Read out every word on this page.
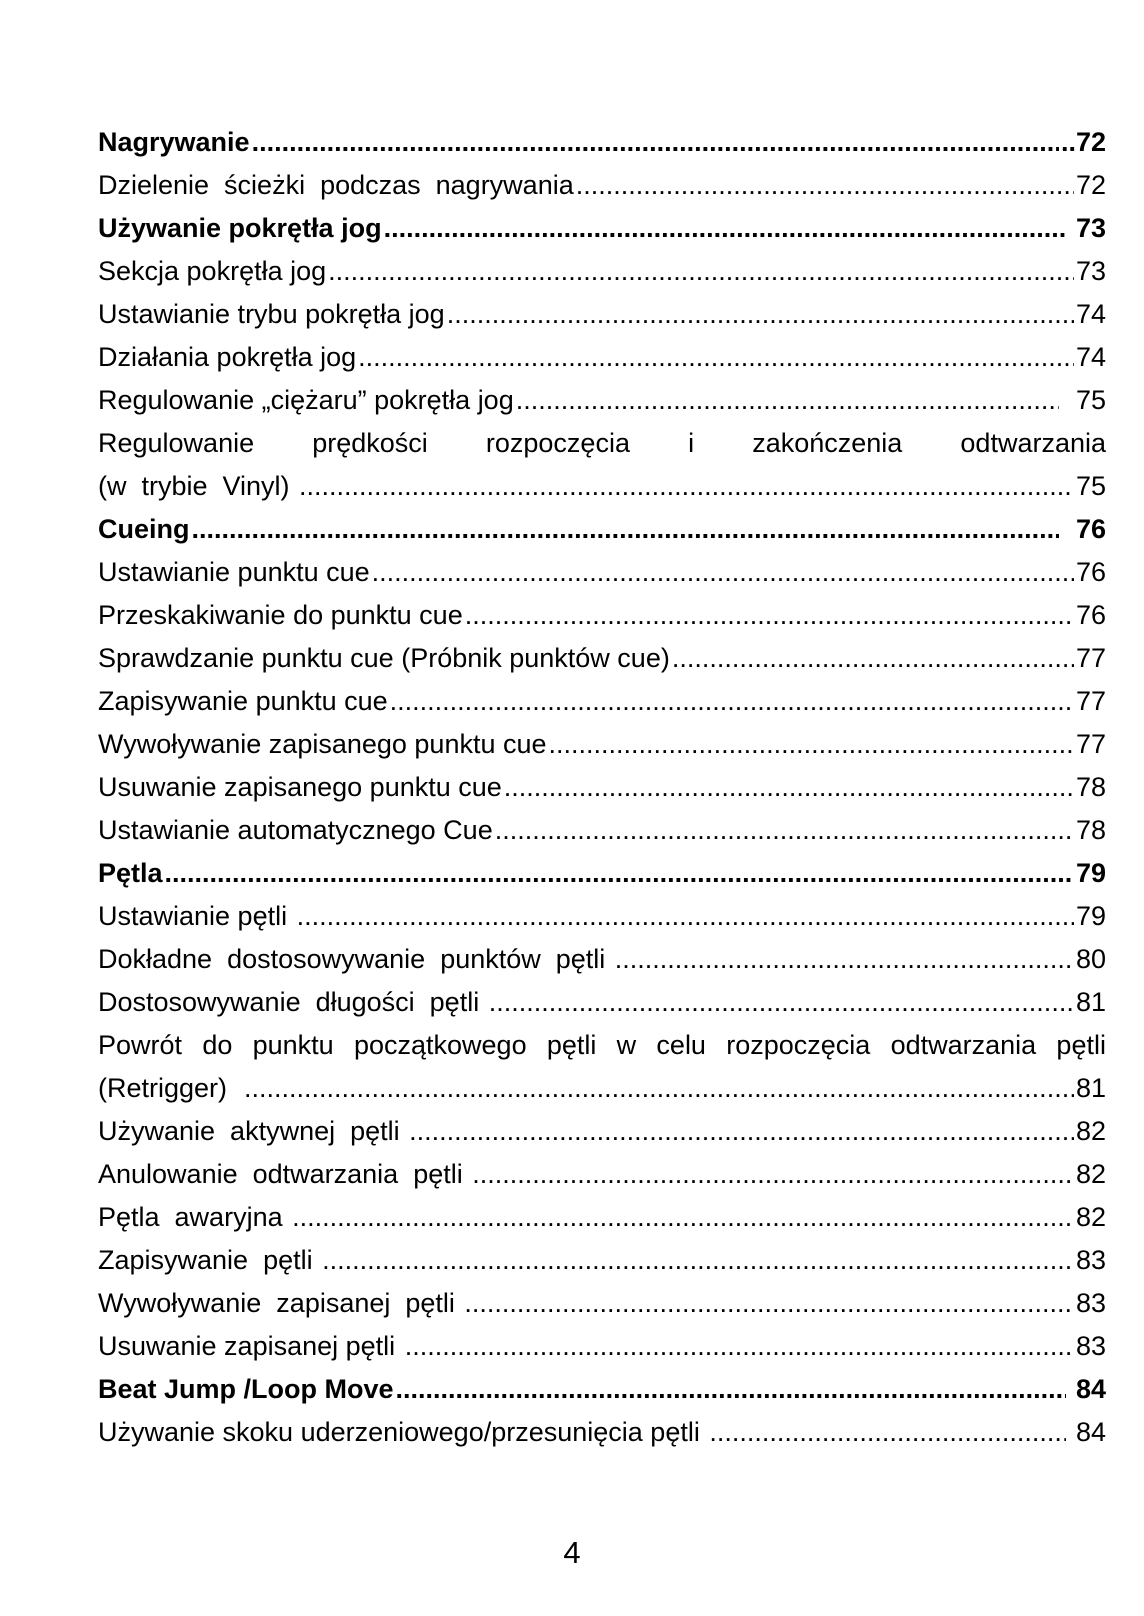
Nagrywanie .....	..72
Dzielenie  ścieżki  podczas  nagrywania .....	72
Używanie pokrętła jog .....	73
Sekcja pokrętła jog .....	73
Ustawianie trybu pokrętła jog .....	74
Działania pokrętła jog .....	74
Regulowanie „ciężaru” pokrętła jog .....	75
Regulowanie prędkości rozpoczęcia i zakończenia odtwarzania
(w  trybie  Vinyl) .....	75
Cueing .....	76
Ustawianie punktu cue .....	76
Przeskakiwanie do punktu cue .....	76
Sprawdzanie punktu cue (Próbnik punktów cue) .....	77
Zapisywanie punktu cue .....	77
Wywoływanie zapisanego punktu cue .....	77
Usuwanie zapisanego punktu cue .....	78
Ustawianie automatycznego Cue .....	78
Pętla .....	79
Ustawianie pętli .....	79
Dokładne  dostosowywanie  punktów  pętli .....	80
Dostosowywanie  długości  pętli .....	81
Powrót do punktu początkowego pętli w celu rozpoczęcia odtwarzania pętli
(Retrigger) .....	81
Używanie  aktywnej  pętli .....	82
Anulowanie  odtwarzania  pętli .....	82
Pętla  awaryjna .....	82
Zapisywanie  pętli .....	83
Wywoływanie  zapisanej  pętli .....	83
Usuwanie zapisanej pętli .....	83
Beat Jump /Loop Move .....	84
Używanie skoku uderzeniowego/przesunięcia pętli .....	84
4
